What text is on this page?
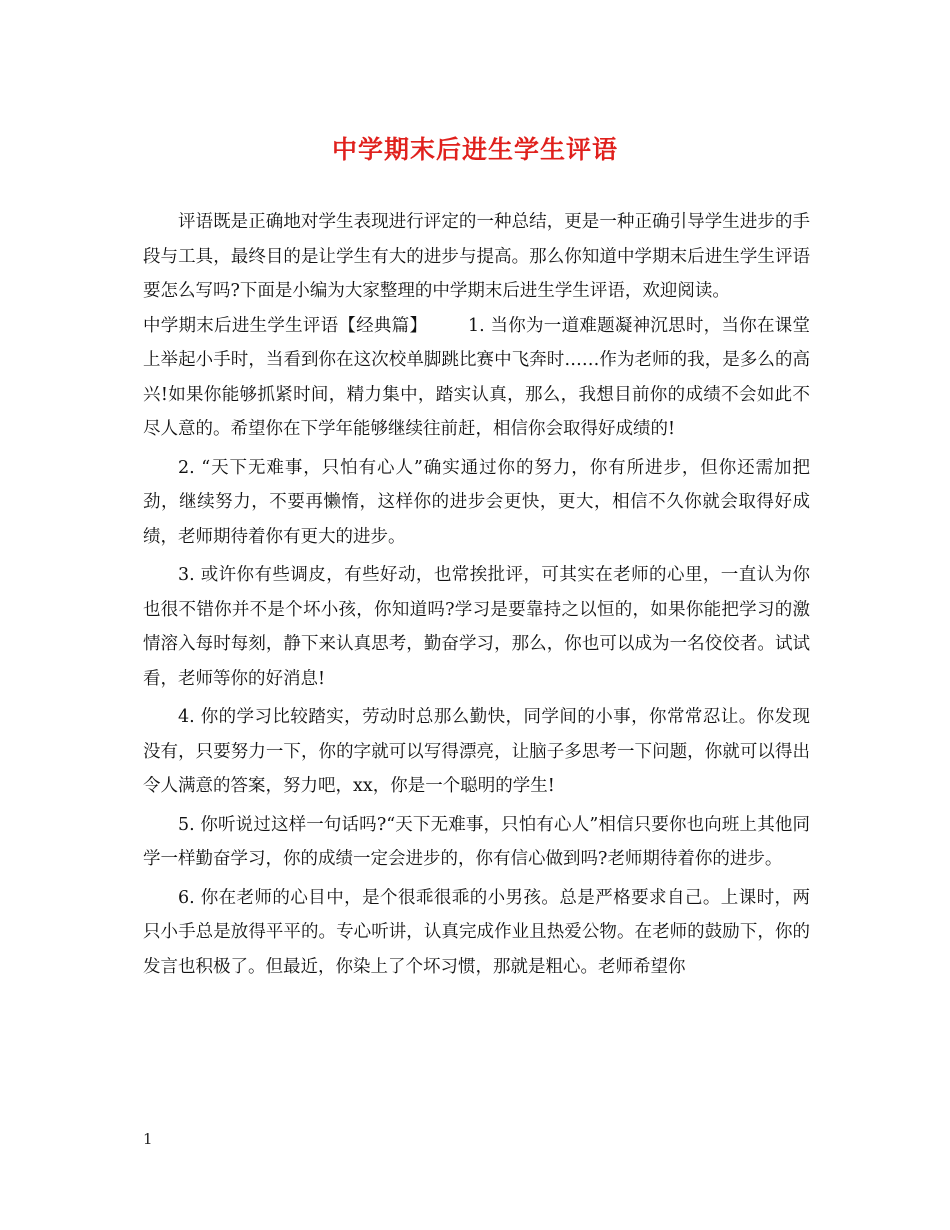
中学期末后进生学生评语

评语既是正确地对学生表现进行评定的一种总结，更是一种正确引导学生进步的手段与工具，最终目的是让学生有大的进步与提高。那么你知道中学期末后进生学生评语要怎么写吗?下面是小编为大家整理的中学期末后进生学生评语，欢迎阅读。

中学期末后进生学生评语【经典篇】 1. 当你为一道难题凝神沉思时，当你在课堂上举起小手时，当看到你在这次校单脚跳比赛中飞奔时……作为老师的我，是多么的高兴!如果你能够抓紧时间，精力集中，踏实认真，那么，我想目前你的成绩不会如此不尽人意的。希望你在下学年能够继续往前赶，相信你会取得好成绩的!

2. “天下无难事，只怕有心人”确实通过你的努力，你有所进步，但你还需加把劲，继续努力，不要再懒惰，这样你的进步会更快，更大，相信不久你就会取得好成绩，老师期待着你有更大的进步。

3. 或许你有些调皮，有些好动，也常挨批评，可其实在老师的心里，一直认为你也很不错你并不是个坏小孩，你知道吗?学习是要靠持之以恒的，如果你能把学习的激情溶入每时每刻，静下来认真思考，勤奋学习，那么，你也可以成为一名佼佼者。试试看，老师等你的好消息!

4. 你的学习比较踏实，劳动时总那么勤快，同学间的小事，你常常忍让。你发现没有，只要努力一下，你的字就可以写得漂亮，让脑子多思考一下问题，你就可以得出令人满意的答案，努力吧，xx，你是一个聪明的学生!

5. 你听说过这样一句话吗?“天下无难事，只怕有心人”相信只要你也向班上其他同学一样勤奋学习，你的成绩一定会进步的，你有信心做到吗?老师期待着你的进步。

6. 你在老师的心目中，是个很乖很乖的小男孩。总是严格要求自己。上课时，两只小手总是放得平平的。专心听讲，认真完成作业且热爱公物。在老师的鼓励下，你的发言也积极了。但最近，你染上了个坏习惯，那就是粗心。老师希望你

1
